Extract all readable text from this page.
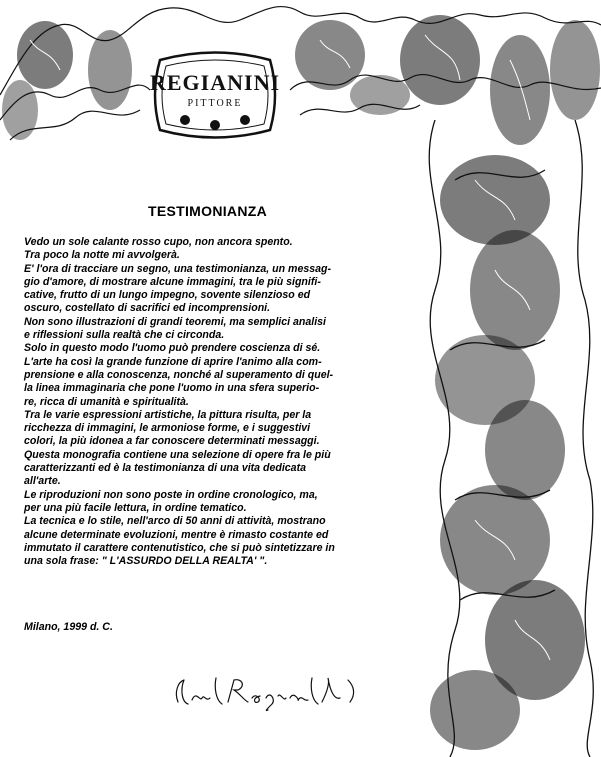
REGIANINI
PITTORE
TESTIMONIANZA
Vedo un sole calante rosso cupo, non ancora spento.
Tra poco la notte mi avvolgerà.
E' l'ora di tracciare un segno, una testimonianza, un messag-
gio d'amore, di mostrare alcune immagini, tra le più signifi-
cative, frutto di un lungo impegno, sovente silenzioso ed
oscuro, costellato di sacrifici ed incomprensioni.
Non sono illustrazioni di grandi teoremi, ma semplici analisi
e riflessioni sulla realtà che ci circonda.
Solo in questo modo l'uomo può prendere coscienza di sé.
L'arte ha così la grande funzione di aprire l'animo alla com-
prensione e alla conoscenza, nonché al superamento di quel-
la linea immaginaria che pone l'uomo in una sfera superio-
re, ricca di umanità e spiritualità.
Tra le varie espressioni artistiche, la pittura risulta, per la
ricchezza di immagini, le armoniose forme, e i suggestivi
colori, la più idonea a far conoscere determinati messaggi.
Questa monografia contiene una selezione di opere fra le più
caratterizzanti ed è la testimonianza di una vita dedicata
all'arte.
Le riproduzioni non sono poste in ordine cronologico, ma,
per una più facile lettura, in ordine tematico.
La tecnica e lo stile, nell'arco di 50 anni di attività, mostrano
alcune determinate evoluzioni, mentre è rimasto costante ed
immutato il carattere contenutistico, che si può sintetizzare in
una sola frase: " L'ASSURDO DELLA REALTA' ".
Milano, 1999 d. C.
